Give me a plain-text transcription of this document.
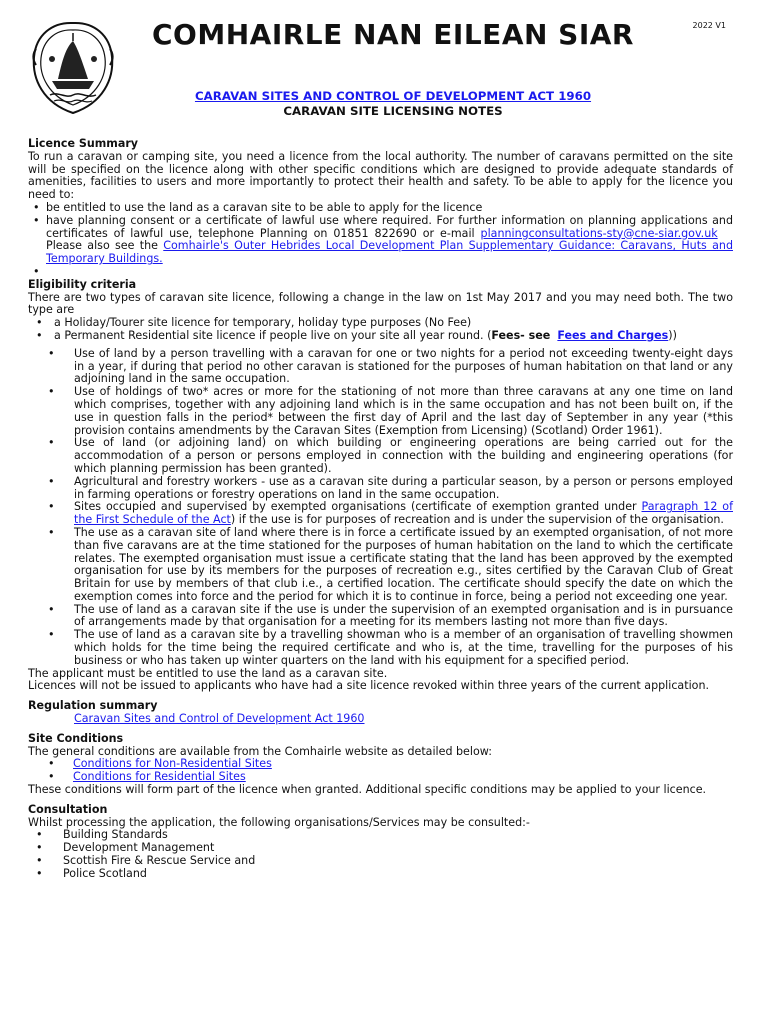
2022 V1
COMHAIRLE NAN EILEAN SIAR
CARAVAN SITES AND CONTROL OF DEVELOPMENT ACT 1960
CARAVAN SITE LICENSING NOTES

Licence Summary

To run a caravan or camping site, you need a licence from the local authority. The number of caravans permitted on the site will be specified on the licence along with other specific conditions which are designed to provide adequate standards of amenities, facilities to users and more importantly to protect their health and safety. To be able to apply for the licence you need to:

• be entitled to use the land as a caravan site to be able to apply for the licence
• have planning consent or a certificate of lawful use where required. For further information on planning applications and certificates of lawful use, telephone Planning on 01851 822690 or e-mail planningconsultations-sty@cne-siar.gov.uk    Please also see the Comhairle's Outer Hebrides Local Development Plan Supplementary Guidance: Caravans, Huts and Temporary Buildings.
•

Eligibility criteria

There are two types of caravan site licence, following a change in the law on 1st May 2017 and you may need both. The two type are

• a Holiday/Tourer site licence for temporary, holiday type purposes (No Fee)
• a Permanent Residential site licence if people live on your site all year round. (Fees- see Fees and Charges))
• Use of land by a person travelling with a caravan for one or two nights for a period not exceeding twenty-eight days in a year, if during that period no other caravan is stationed for the purposes of human habitation on that land or any adjoining land in the same occupation.
• Use of holdings of two* acres or more for the stationing of not more than three caravans at any one time on land which comprises, together with any adjoining land which is in the same occupation and has not been built on, if the use in question falls in the period* between the first day of April and the last day of September in any year (*this provision contains amendments by the Caravan Sites (Exemption from Licensing) (Scotland) Order 1961).
• Use of land (or adjoining land) on which building or engineering operations are being carried out for the accommodation of a person or persons employed in connection with the building and engineering operations (for which planning permission has been granted).
• Agricultural and forestry workers - use as a caravan site during a particular season, by a person or persons employed in farming operations or forestry operations on land in the same occupation.
• Sites occupied and supervised by exempted organisations (certificate of exemption granted under Paragraph 12 of the First Schedule of the Act) if the use is for purposes of recreation and is under the supervision of the organisation.
• The use as a caravan site of land where there is in force a certificate issued by an exempted organisation, of not more than five caravans are at the time stationed for the purposes of human habitation on the land to which the certificate relates. The exempted organisation must issue a certificate stating that the land has been approved by the exempted organisation for use by its members for the purposes of recreation e.g., sites certified by the Caravan Club of Great Britain for use by members of that club i.e., a certified location. The certificate should specify the date on which the exemption comes into force and the period for which it is to continue in force, being a period not exceeding one year.
• The use of land as a caravan site if the use is under the supervision of an exempted organisation and is in pursuance of arrangements made by that organisation for a meeting for its members lasting not more than five days.
• The use of land as a caravan site by a travelling showman who is a member of an organisation of travelling showmen which holds for the time being the required certificate and who is, at the time, travelling for the purposes of his business or who has taken up winter quarters on the land with his equipment for a specified period.

The applicant must be entitled to use the land as a caravan site.

Licences will not be issued to applicants who have had a site licence revoked within three years of the current application.

Regulation summary

Caravan Sites and Control of Development Act 1960

Site Conditions

The general conditions are available from the Comhairle website as detailed below:

• Conditions for Non-Residential Sites
• Conditions for Residential Sites

These conditions will form part of the licence when granted. Additional specific conditions may be applied to your licence.

Consultation

Whilst processing the application, the following organisations/Services may be consulted:-

• Building Standards
• Development Management
• Scottish Fire & Rescue Service and
• Police Scotland
